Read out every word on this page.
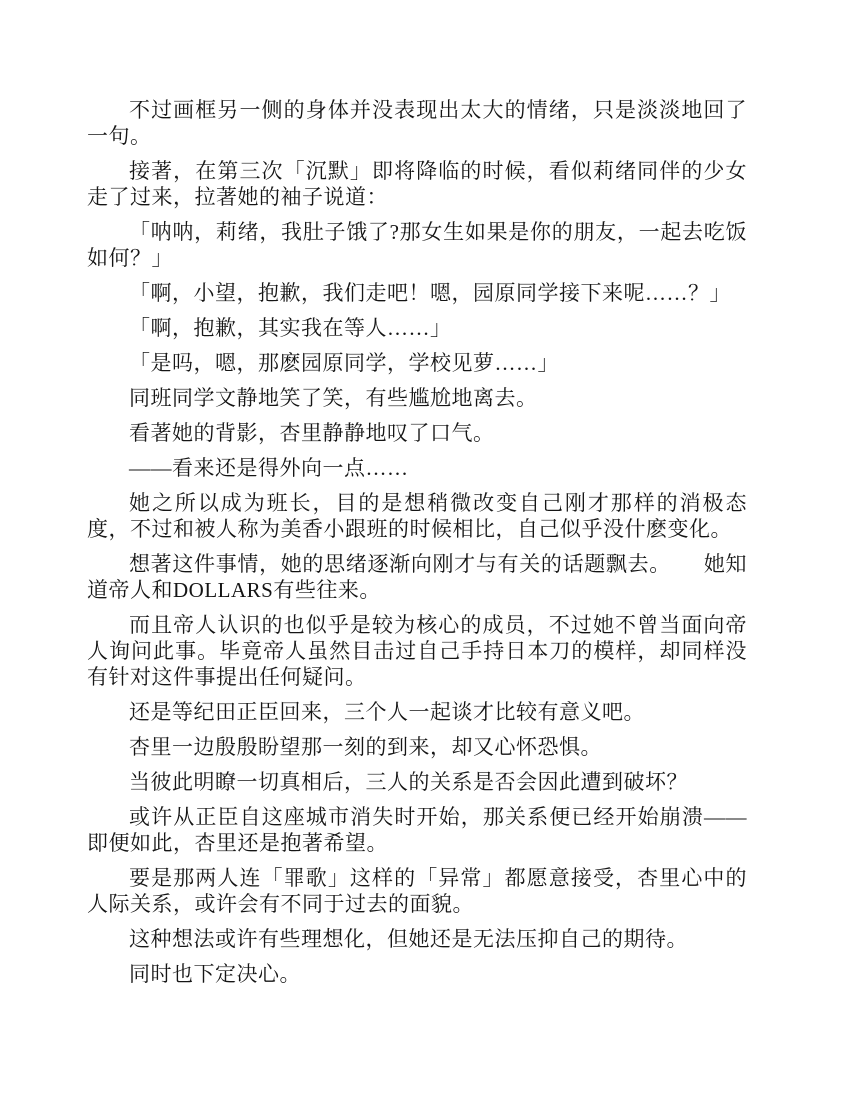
不过画框另一侧的身体并没表现出太大的情绪，只是淡淡地回了一句。

接著，在第三次「沉默」即将降临的时候，看似莉绪同伴的少女走了过来，拉著她的袖子说道：

「呐呐，莉绪，我肚子饿了?那女生如果是你的朋友，一起去吃饭如何？」

「啊，小望，抱歉，我们走吧！嗯，园原同学接下来呢……？」

「啊，抱歉，其实我在等人……」

「是吗，嗯，那麽园原同学，学校见萝……」

同班同学文静地笑了笑，有些尴尬地离去。

看著她的背影，杏里静静地叹了口气。

——看来还是得外向一点……

她之所以成为班长，目的是想稍微改变自己刚才那样的消极态度，不过和被人称为美香小跟班的时候相比，自己似乎没什麽变化。

想著这件事情，她的思绪逐渐向刚才与有关的话题飘去。　　她知道帝人和DOLLARS有些往来。

而且帝人认识的也似乎是较为核心的成员，不过她不曾当面向帝人询问此事。毕竟帝人虽然目击过自己手持日本刀的模样，却同样没有针对这件事提出任何疑问。

还是等纪田正臣回来，三个人一起谈才比较有意义吧。

杏里一边殷殷盼望那一刻的到来，却又心怀恐惧。

当彼此明瞭一切真相后，三人的关系是否会因此遭到破坏？

或许从正臣自这座城市消失时开始，那关系便已经开始崩溃——即便如此，杏里还是抱著希望。

要是那两人连「罪歌」这样的「异常」都愿意接受，杏里心中的人际关系，或许会有不同于过去的面貌。

这种想法或许有些理想化，但她还是无法压抑自己的期待。

同时也下定决心。
